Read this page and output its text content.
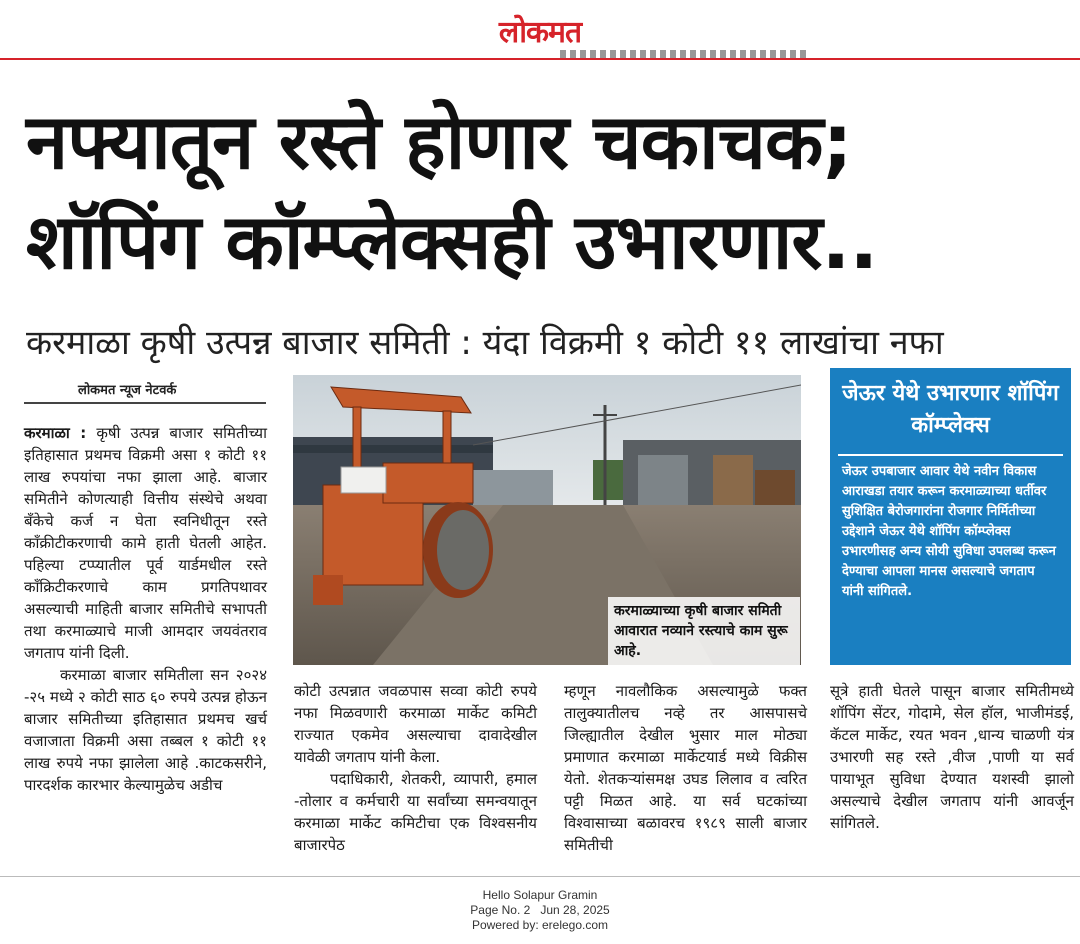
लोकमत
नफ्यातून रस्ते होणार चकाचक;
शॉपिंग कॉम्प्लेक्सही उभारणार..
करमाळा कृषी उत्पन्न बाजार समिती : यंदा विक्रमी १ कोटी ११ लाखांचा नफा
लोकमत न्यूज नेटवर्क

करमाळा : कृषी उत्पन्न बाजार समितीच्या इतिहासात प्रथमच विक्रमी असा १ कोटी ११ लाख रुपयांचा नफा झाला आहे. बाजार समितीने कोणत्याही वित्तीय संस्थेचे अथवा बँकेचे कर्ज न घेता स्वनिधीतून रस्ते काँक्रीटीकरणाची कामे हाती घेतली आहेत. पहिल्या टप्प्यातील पूर्व यार्डमधील रस्ते काँक्रिटीकरणाचे काम प्रगतिपथावर असल्याची माहिती बाजार समितीचे सभापती तथा करमाळ्याचे माजी आमदार जयवंतराव जगताप यांनी दिली.

करमाळा बाजार समितीला सन २०२४ -२५ मध्ये २ कोटी साठ ६० रुपये उत्पन्न होऊन बाजार समितीच्या इतिहासात प्रथमच खर्च वजाजाता विक्रमी असा तब्बल १ कोटी ११ लाख रुपये नफा झालेला आहे .काटकसरीने, पारदर्शक कारभार केल्यामुळेच अडीच

करमाळ्याच्या कृषी बाजार समिती आवारात नव्याने रस्त्याचे काम सुरू आहे.
जेऊर येथे उभारणार शॉपिंग कॉम्प्लेक्स
जेऊर उपबाजार आवार येथे नवीन विकास आराखडा तयार करून करमाळ्याच्या धर्तीवर सुशिक्षित बेरोजगारांना रोजगार निर्मितीच्या उद्देशाने जेऊर येथे शॉपिंग कॉम्प्लेक्स उभारणीसह अन्य सोयी सुविधा उपलब्ध करून देण्याचा आपला मानस असल्याचे जगताप यांनी सांगितले.

कोटी उत्पन्नात जवळपास सव्वा कोटी रुपये नफा मिळवणारी करमाळा मार्केट कमिटी राज्यात एकमेव असल्याचा दावादेखील यावेळी जगताप यांनी केला.

पदाधिकारी, शेतकरी, व्यापारी, हमाल -तोलार व कर्मचारी या सर्वांच्या समन्वयातून करमाळा मार्केट कमिटीचा एक विश्वसनीय बाजारपेठ

म्हणून नावलौकिक असल्यामुळे फक्त तालुक्यातीलच नव्हे तर आसपासचे जिल्ह्यातील देखील भुसार माल मोठ्या प्रमाणात करमाळा मार्केटयार्ड मध्ये विक्रीस येतो. शेतकऱ्यांसमक्ष उघड लिलाव व त्वरित पट्टी मिळत आहे. या सर्व घटकांच्या विश्वासाच्या बळावरच १९८९ साली बाजार समितीची

सूत्रे हाती घेतले पासून बाजार समितीमध्ये शॉपिंग सेंटर, गोदामे, सेल हॉल, भाजीमंडई, कॅटल मार्केट, रयत भवन ,धान्य चाळणी यंत्र उभारणी सह रस्ते ,वीज ,पाणी या सर्व पायाभूत सुविधा देण्यात यशस्वी झालो असल्याचे देखील जगताप यांनी आवर्जून सांगितले.

Hello Solapur Gramin
Page No. 2 Jun 28, 2025
Powered by: erelego.com
